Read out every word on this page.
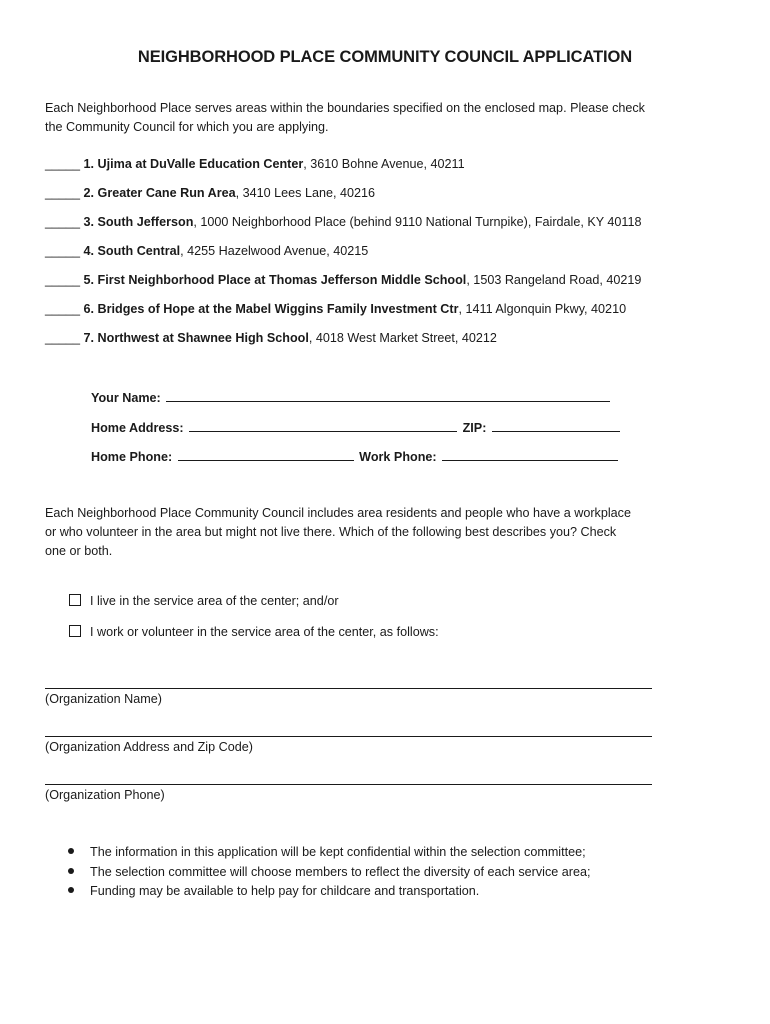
NEIGHBORHOOD PLACE COMMUNITY COUNCIL APPLICATION
Each Neighborhood Place serves areas within the boundaries specified on the enclosed map. Please check the Community Council for which you are applying.
_____ 1. Ujima at DuValle Education Center, 3610 Bohne Avenue, 40211
_____ 2. Greater Cane Run Area, 3410 Lees Lane, 40216
_____ 3. South Jefferson, 1000 Neighborhood Place (behind 9110 National Turnpike), Fairdale, KY 40118
_____ 4. South Central, 4255 Hazelwood Avenue, 40215
_____ 5. First Neighborhood Place at Thomas Jefferson Middle School, 1503 Rangeland Road, 40219
_____ 6. Bridges of Hope at the Mabel Wiggins Family Investment Ctr, 1411 Algonquin Pkwy, 40210
_____ 7. Northwest at Shawnee High School, 4018 West Market Street, 40212
Your Name:
Home Address:	ZIP:
Home Phone:	Work Phone:
Each Neighborhood Place Community Council includes area residents and people who have a workplace or who volunteer in the area but might not live there. Which of the following best describes you? Check one or both.
I live in the service area of the center; and/or
I work or volunteer in the service area of the center, as follows:
(Organization Name)
(Organization Address and Zip Code)
(Organization Phone)
The information in this application will be kept confidential within the selection committee;
The selection committee will choose members to reflect the diversity of each service area;
Funding may be available to help pay for childcare and transportation.
